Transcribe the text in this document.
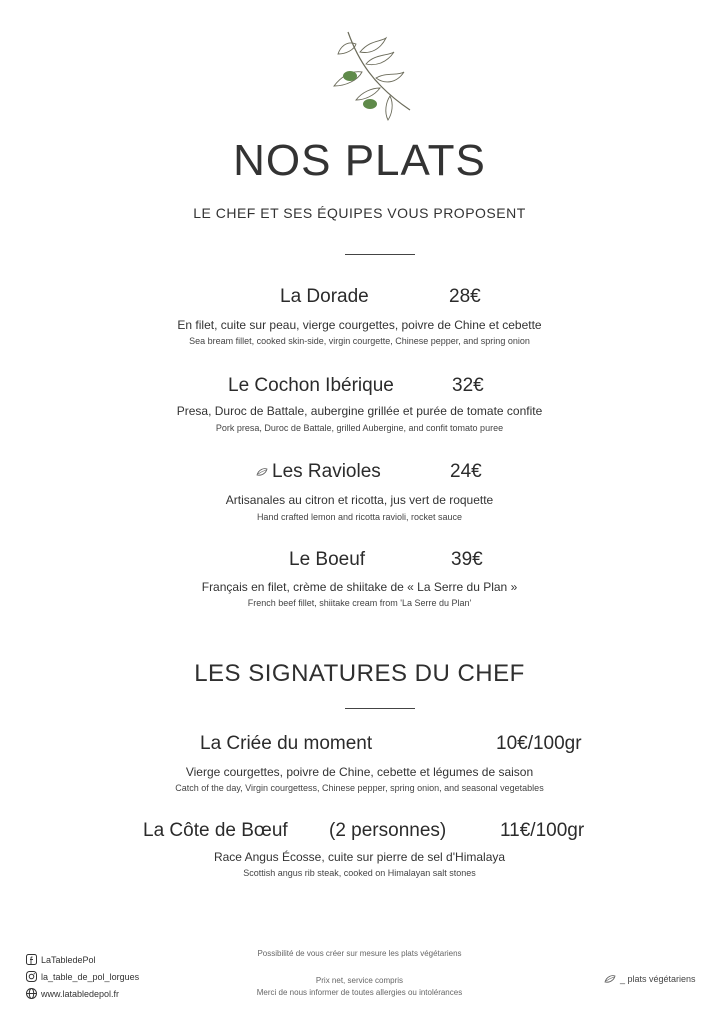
NOS PLATS
LE CHEF ET SES ÉQUIPES VOUS PROPOSENT
La Dorade	28€
En filet, cuite sur peau, vierge courgettes, poivre de Chine et cebette
Sea bream fillet, cooked skin-side, virgin courgette, Chinese pepper, and spring onion
Le Cochon Ibérique	32€
Presa, Duroc de Battale, aubergine grillée et purée de tomate confite
Pork presa, Duroc de Battale, grilled Aubergine, and confit tomato puree
Les Ravioles	24€
Artisanales au citron et ricotta, jus vert de roquette
Hand crafted lemon and ricotta ravioli, rocket sauce
Le Boeuf	39€
Français en filet, crème de shiitake de « La Serre du Plan »
French beef fillet, shiitake cream from 'La Serre du Plan'
LES SIGNATURES DU CHEF
La Criée du moment	10€/100gr
Vierge courgettes, poivre de Chine, cebette et légumes de saison
Catch of the day, Virgin courgettess, Chinese pepper, spring onion, and seasonal vegetables
La Côte de Bœuf (2 personnes)	11€/100gr
Race Angus Écosse, cuite sur pierre de sel d'Himalaya
Scottish angus rib steak, cooked on Himalayan salt stones
LaTabledePol
la_table_de_pol_lorgues
www.latabledepol.fr
Possibilité de vous créer sur mesure les plats végétariens
Prix net, service compris
Merci de nous informer de toutes allergies ou intolérances
_ plats végétariens
